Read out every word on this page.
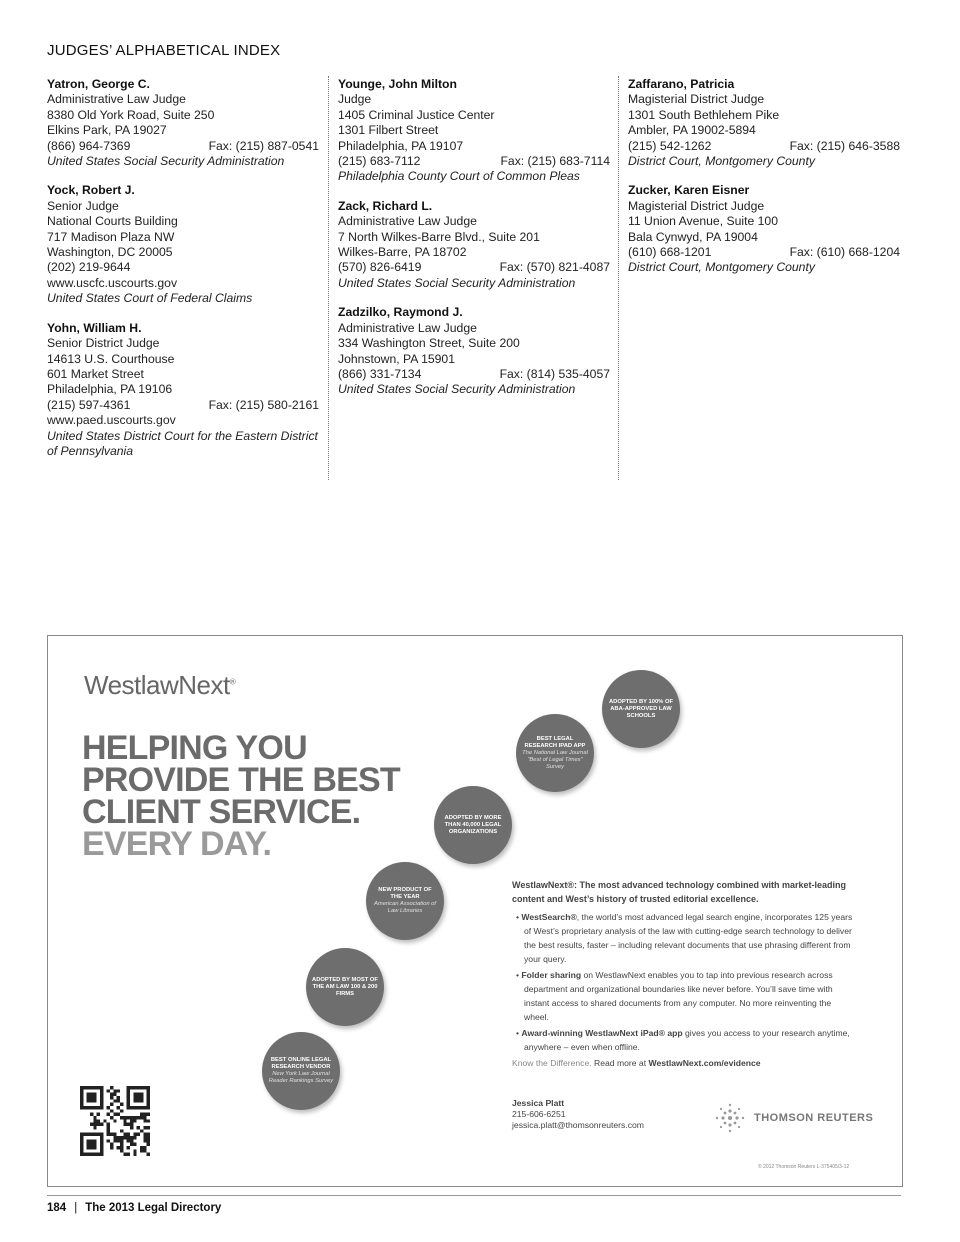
JUDGES’ ALPHABETICAL INDEX
Yatron, George C.
Administrative Law Judge
8380 Old York Road, Suite 250
Elkins Park, PA 19027
(866) 964-7369	Fax: (215) 887-0541
United States Social Security Administration
Yock, Robert J.
Senior Judge
National Courts Building
717 Madison Plaza NW
Washington, DC 20005
(202) 219-9644
www.uscfc.uscourts.gov
United States Court of Federal Claims
Yohn, William H.
Senior District Judge
14613 U.S. Courthouse
601 Market Street
Philadelphia, PA 19106
(215) 597-4361	Fax: (215) 580-2161
www.paed.uscourts.gov
United States District Court for the Eastern District of Pennsylvania
Younge, John Milton
Judge
1405 Criminal Justice Center
1301 Filbert Street
Philadelphia, PA 19107
(215) 683-7112	Fax: (215) 683-7114
Philadelphia County Court of Common Pleas
Zack, Richard L.
Administrative Law Judge
7 North Wilkes-Barre Blvd., Suite 201
Wilkes-Barre, PA 18702
(570) 826-6419	Fax: (570) 821-4087
United States Social Security Administration
Zadzilko, Raymond J.
Administrative Law Judge
334 Washington Street, Suite 200
Johnstown, PA 15901
(866) 331-7134	Fax: (814) 535-4057
United States Social Security Administration
Zaffarano, Patricia
Magisterial District Judge
1301 South Bethlehem Pike
Ambler, PA 19002-5894
(215) 542-1262	Fax: (215) 646-3588
District Court, Montgomery County
Zucker, Karen Eisner
Magisterial District Judge
11 Union Avenue, Suite 100
Bala Cynwyd, PA 19004
(610) 668-1201	Fax: (610) 668-1204
District Court, Montgomery County
WestlawNext®
HELPING YOU
PROVIDE THE BEST
CLIENT SERVICE.
EVERY DAY.
ADOPTED BY 100% OF ABA-APPROVED LAW SCHOOLS
BEST LEGAL RESEARCH IPAD APP
The National Law Journal “Best of Legal Times” Survey
ADOPTED BY MORE THAN 40,000 LEGAL ORGANIZATIONS
NEW PRODUCT OF THE YEAR
American Association of Law Libraries
ADOPTED BY MOST OF THE AM LAW 100 & 200 FIRMS
BEST ONLINE LEGAL RESEARCH VENDOR
New York Law Journal Reader Rankings Survey
WestlawNext®: The most advanced technology combined with market-leading content and West’s history of trusted editorial excellence.
• WestSearch®, the world’s most advanced legal search engine, incorporates 125 years of West’s proprietary analysis of the law with cutting-edge search technology to deliver the best results, faster – including relevant documents that use phrasing different from your query.
• Folder sharing on WestlawNext enables you to tap into previous research across department and organizational boundaries like never before. You’ll save time with instant access to shared documents from any computer. No more reinventing the wheel.
• Award-winning WestlawNext iPad® app gives you access to your research anytime, anywhere – even when offline.
Know the Difference. Read more at WestlawNext.com/evidence
Jessica Platt
215-606-6251
jessica.platt@thomsonreuters.com
THOMSON REUTERS
© 2012 Thomson Reuters L-375405/3-12
184 | The 2013 Legal Directory
